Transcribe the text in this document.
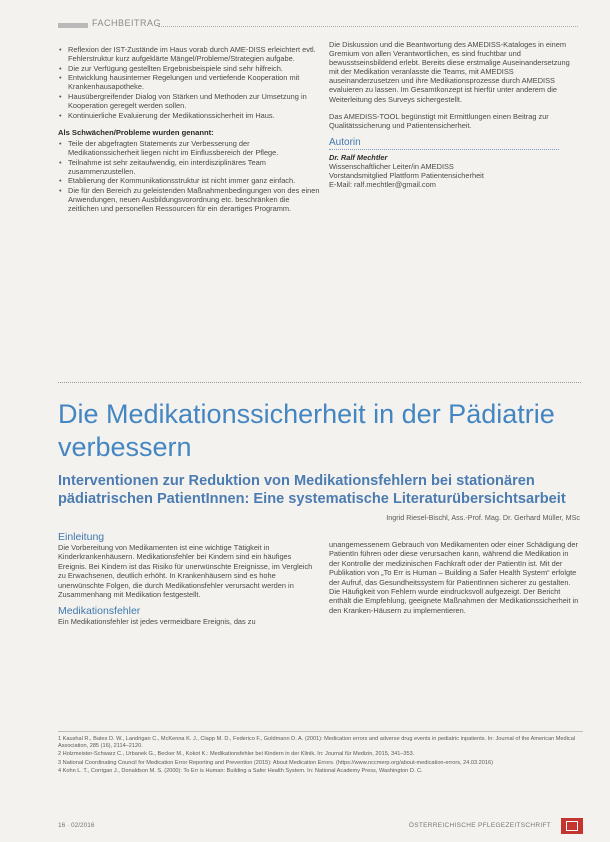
FACHBEITRAG
• Reflexion der IST-Zustände im Haus vorab durch AME-DISS erleichtert evtl. Fehlerstruktur kurz aufgeklärte Mängel/Probleme/Strategien aufgabe.
• Die zur Verfügung gestellten Ergebnisbeispiele sind sehr hilfreich.
• Entwicklung hausinterner Regelungen und vertiefende Kooperation mit Krankenhausapotheke.
• Hausübergreifender Dialog von Stärken und Methoden zur Umsetzung in Kooperation geregelt werden sollen.
• Kontinuierliche Evaluierung der Medikationssicherheit im Haus.
Als Schwächen/Probleme wurden genannt:
• Teile der abgefragten Statements zur Verbesserung der Medikationssicherheit liegen nicht im Einflussbereich der Pflege.
• Teilnahme ist sehr zeitaufwendig, ein interdisziplinäres Team zusammenzustellen.
• Etablierung der Kommunikationsstruktur ist nicht immer ganz einfach.
• Die für den Bereich zu geleistenden Maßnahmenbedingungen von des einen Anwendungen, neuen Ausbildungsvorordnung etc. beschränken die zeitlichen und personellen Ressourcen für ein derartiges Programm.

Die Diskussion und die Beantwortung des AMEDISS-Kataloges in einem Gremium von allen Verantwortlichen, es sind fruchtbar und bewusstseinsbildend erlebt. Bereits diese erstmalige Auseinandersetzung mit der Medikation veranlasste die Teams, mit AMEDISS auseinanderzusetzen und ihre Medikationsprozesse durch AMEDISS evaluieren zu lassen. Im Gesamtkonzept ist hierfür unter anderem die Weiterleitung des Surveys sichergestellt.

Das AMEDISS-TOOL begünstigt mit Ermittlungen einen Beitrag zur Qualitätssicherung und Patientensicherheit.

Autorin
Dr. Ralf Mechtler
Wissenschaftlicher Leiter/in AMEDISS
Vorstandsmitglied Plattform Patientensicherheit
E-Mail: ralf.mechtler@gmail.com
Die Medikationssicherheit in der Pädiatrie verbessern
Interventionen zur Reduktion von Medikationsfehlern bei stationären pädiatrischen PatientInnen: Eine systematische Literaturübersichtsarbeit
Ingrid Riesel-Bischl, Ass.-Prof. Mag. Dr. Gerhard Müller, MSc
Einleitung

Die Vorbereitung von Medikamenten ist eine wichtige Tätigkeit in Kinderkrankenhäusern. Medikationsfehler bei Kindern sind ein häufiges Ereignis. Bei Kindern ist das Risiko für unerwünschte Ereignisse, im Vergleich zu Erwachsenen, deutlich erhöht. In Krankenhäusern sind es hohe unerwünschte Folgen, die durch Medikationsfehler verursacht werden in Zusammenhang mit Medikation festgestellt.

Medikationsfehler

Ein Medikationsfehler ist jedes vermeidbare Ereignis, das zu

unangemessenem Gebrauch von Medikamenten oder einer Schädigung der PatientIn führen oder diese verursachen kann, während die Medikation in der Kontrolle der medizinischen Fachkraft oder der PatientIn ist. Mit der Publikation von „To Err is Human – Building a Safer Health System“ erfolgte der Aufruf, das Gesundheitssystem für PatientInnen sicherer zu gestalten. Die Häufigkeit von Fehlern wurde eindrucksvoll aufgezeigt. Der Bericht enthält die Empfehlung, geeignete Maßnahmen der Medikationssicherheit in den Kranken-Häusern zu implementieren.

1 Kaushal R., Bates D. W., Landrigan C., McKenna K. J., Clapp M. D., Federico F., Goldmann D. A. (2001): Medication errors and adverse drug events in pediatric inpatients. In: Journal of the American Medical Association, 285 (16), 2114–2120.
2 Holzmeister-Schwarz C., Urbanek G., Becker M., Kokot K.: Medikationsfehler bei Kindern in der Klinik. In: Journal für Medizin, 2015, 341–353.
3 National Coordinating Council for Medication Error Reporting and Prevention (2015): About Medication Errors. (https://www.nccmerp.org/about-medication-errors, 24.03.2016)
4 Kohn L. T., Corrigan J., Donaldson M. S. (2000): To Err is Human: Building a Safer Health System. In: National Academy Press, Washington D. C.
16 · 02/2016	ÖSTERREICHISCHE PFLEGEZEITSCHRIFT
